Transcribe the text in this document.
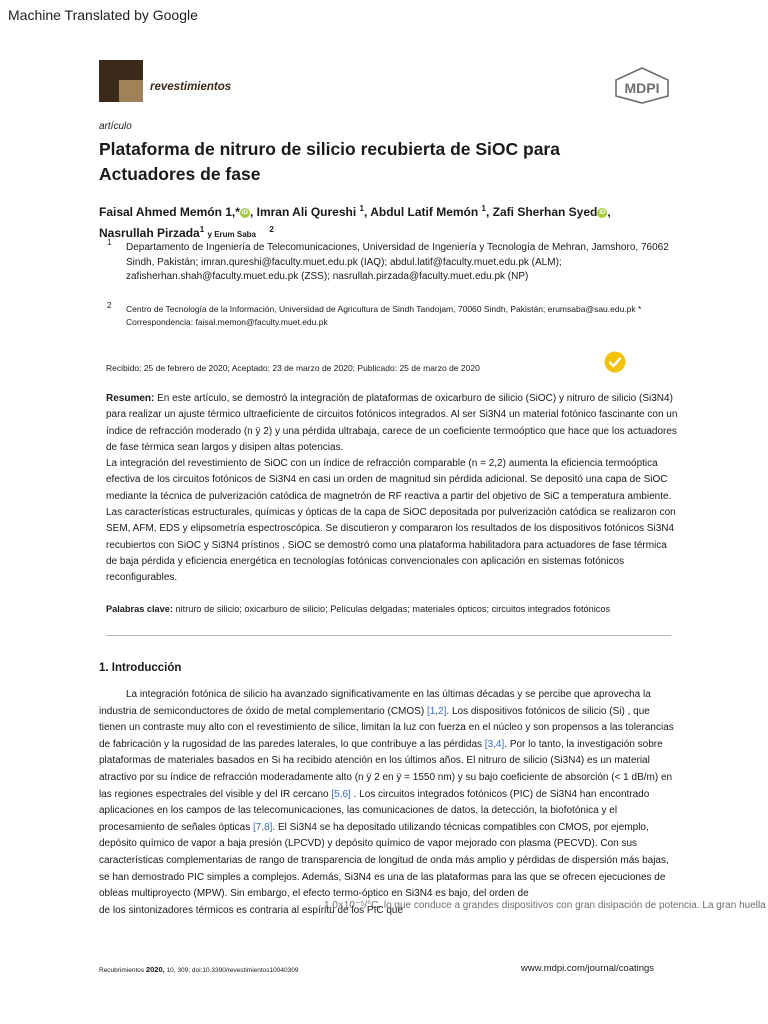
Machine Translated by Google
revestimientos	MDPI
artículo
Plataforma de nitruro de silicio recubierta de SiOC para Actuadores de fase
Faisal Ahmed Memón 1,* iD , Imran Ali Qureshi $^1$, Abdul Latif Memón $^1$, Zafi Sherhan Syed iD ,
Nasrullah Pirzada$^1$ y Erum Saba    $^2$
1 Departamento de Ingeniería de Telecomunicaciones, Universidad de Ingeniería y Tecnología de Mehran, Jamshoro, 76062 Sindh, Pakistán; imran.qureshi@faculty.muet.edu.pk (IAQ); abdul.latif@faculty.muet.edu.pk (ALM); zafisherhan.shah@faculty.muet.edu.pk (ZSS); nasrullah.pirzada@faculty.muet.edu.pk (NP)
2 Centro de Tecnología de la Información, Universidad de Agricultura de Sindh Tandojam, 70060 Sindh, Pakistán; erumsaba@sau.edu.pk * Correspondencia: faisal.memon@faculty.muet.edu.pk
Recibido: 25 de febrero de 2020; Aceptado: 23 de marzo de 2020; Publicado: 25 de marzo de 2020

Resumen: En este artículo, se demostró la integración de plataformas de oxicarburo de silicio (SiOC) y nitruro de silicio (Si3N4) para realizar un ajuste térmico ultraeficiente de circuitos fotónicos integrados. Al ser Si3N4 un material fotónico fascinante con un índice de refracción moderado (n ÿ 2) y una pérdida ultrabaja, carece de un coeficiente termoóptico que hace que los actuadores de fase térmica sean largos y disipen altas potencias.

La integración del revestimiento de SiOC con un índice de refracción comparable (n = 2,2) aumenta la eficiencia termoóptica efectiva de los circuitos fotónicos de Si3N4 en casi un orden de magnitud sin pérdida adicional. Se depositó una capa de SiOC mediante la técnica de pulverización catódica de magnetrón de RF reactiva a partir del objetivo de SiC a temperatura ambiente. Las características estructurales, químicas y ópticas de la capa de SiOC depositada por pulverización catódica se realizaron con SEM, AFM, EDS y elipsometría espectroscópica. Se discutieron y compararon los resultados de los dispositivos fotónicos Si3N4 recubiertos con SiOC y Si3N4 prístinos . SiOC se demostró como una plataforma habilitadora para actuadores de fase térmica de baja pérdida y eficiencia energética en tecnologías fotónicas convencionales con aplicación en sistemas fotónicos reconfigurables.

Palabras clave: nitruro de silicio; oxicarburo de silicio; Películas delgadas; materiales ópticos; circuitos integrados fotónicos
1. Introducción
La integración fotónica de silicio ha avanzado significativamente en las últimas décadas y se percibe que aprovecha la industria de semiconductores de óxido de metal complementario (CMOS) [1,2]. Los dispositivos fotónicos de silicio (Si) , que tienen un contraste muy alto con el revestimiento de sílice, limitan la luz con fuerza en el núcleo y son propensos a las tolerancias de fabricación y la rugosidad de las paredes laterales, lo que contribuye a las pérdidas [3,4]. Por lo tanto, la investigación sobre plataformas de materiales basados en Si ha recibido atención en los últimos años. El nitruro de silicio (Si3N4) es un material atractivo por su índice de refracción moderadamente alto (n ÿ 2 en ÿ = 1550 nm) y su bajo coeficiente de absorción (< 1 dB/m) en las regiones espectrales del visible y del IR cercano [5,6] . Los circuitos integrados fotónicos (PIC) de Si3N4 han encontrado aplicaciones en los campos de las telecomunicaciones, las comunicaciones de datos, la detección, la biofotónica y el procesamiento de señales ópticas [7,8]. El Si3N4 se ha depositado utilizando técnicas compatibles con CMOS, por ejemplo, depósito químico de vapor a baja presión (LPCVD) y depósito químico de vapor mejorado con plasma (PECVD). Con sus características complementarias de rango de transparencia de longitud de onda más amplio y pérdidas de dispersión más bajas, se han demostrado PIC simples a complejos. Además, Si3N4 es una de las plataformas para las que se ofrecen ejecuciones de obleas multiproyecto (MPW). Sin embargo, el efecto termo-óptico en Si3N4 es bajo, del orden de
de los sintonizadores térmicos es contraria al espíritu de los PIC que
1.0×10⁻⁵/°C, lo que conduce a grandes dispositivos con gran disipación de potencia. La gran huella
Recubrimientos 2020, 10, 309; doi:10.3390/revestimientos10040309	www.mdpi.com/journal/coatings
